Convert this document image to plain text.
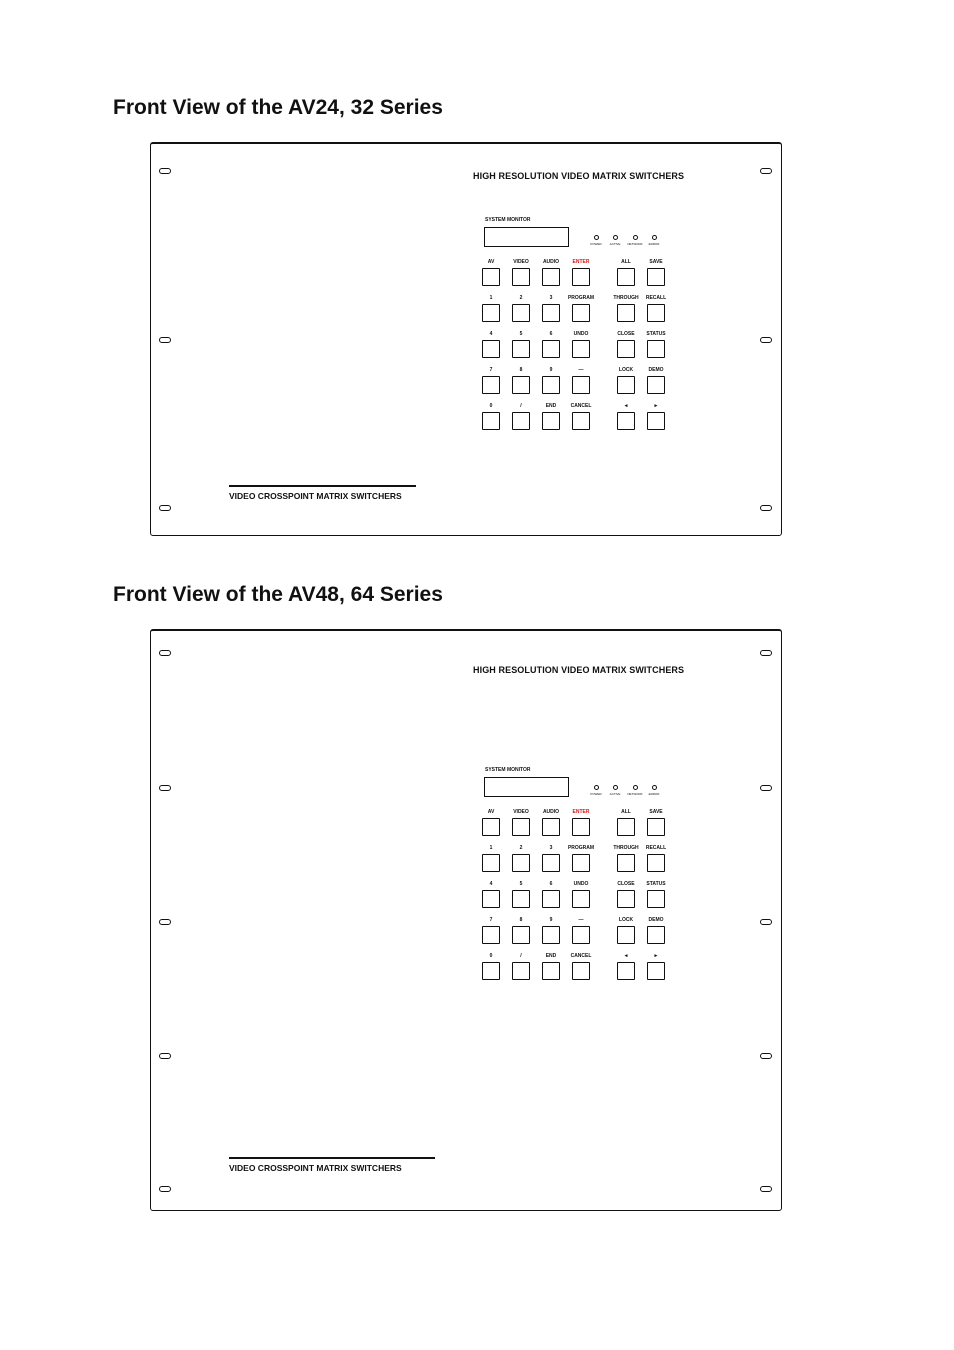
Front View of the AV24, 32 Series
HIGH RESOLUTION VIDEO MATRIX SWITCHERS
VIDEO CROSSPOINT MATRIX SWITCHERS
SYSTEM MONITOR
POWER	ACTIVE NETWORK ERROR
AV	VIDEO	AUDIO	ENTER
1	2	3	PROGRAM
4	5	6	UNDO
7	8	9	—
0	/	END	CANCEL
ALL	SAVE
THROUGH RECALL
CLOSE STATUS
LOCK	DEMO
◄	►
Front View of the AV48, 64 Series
HIGH RESOLUTION VIDEO MATRIX SWITCHERS
VIDEO CROSSPOINT MATRIX SWITCHERS
SYSTEM MONITOR
POWER	ACTIVE NETWORK ERROR
AV	VIDEO	AUDIO	ENTER
1	2	3	PROGRAM
4	5	6	UNDO
7	8	9	—
0	/	END	CANCEL
ALL	SAVE
THROUGH RECALL
CLOSE STATUS
LOCK	DEMO
◄	►
